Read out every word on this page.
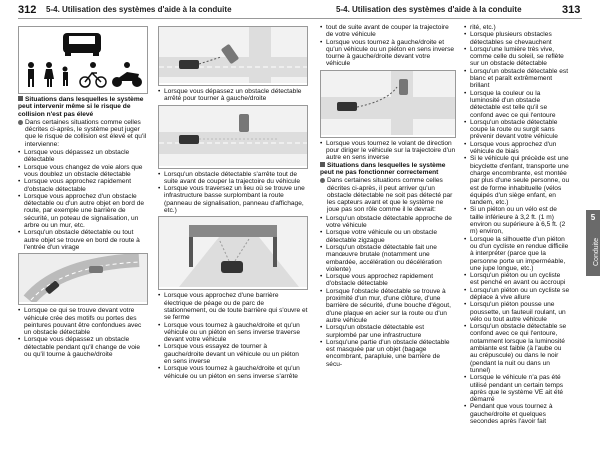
312 5-4. Utilisation des systèmes d'aide à la conduite	5-4. Utilisation des systèmes d'aide à la conduite	313

Situations dans lesquelles le système peut intervenir même si le risque de collision n'est pas élevé

Dans certaines situations comme celles décrites ci-après, le système peut juger que le risque de collision est élevé et qu'il intervienne:

• Lorsque vous dépassez un obstacle détectable
• Lorsque vous changez de voie alors que vous doublez un obstacle détectable
• Lorsque vous approchez rapidement d'obstacle détectable
• Lorsque vous approchez d'un obstacle détectable ou d'un autre objet en bord de route, par exemple une barrière de sécurité, un poteau de signalisation, un arbre ou un mur, etc.
• Lorsqu'un obstacle détectable ou tout autre objet se trouve en bord de route à l'entrée d'un virage
• Lorsque ce qui se trouve devant votre véhicule crée des motifs ou portes des peintures pouvant être confondues avec un obstacle détectable
• Lorsque vous dépassez un obstacle détectable pendant qu'il change de voie ou qu'il tourne à gauche/droite
• Lorsque vous dépassez un obstacle détectable arrêté pour tourner à gauche/droite
• Lorsqu'un obstacle détectable s'arrête tout de suite avant de couper la trajectoire du véhicule
• Lorsque vous traversez un lieu où se trouve une infrastructure basse surplombant la route (panneau de signalisation, panneau d'affichage, etc.)
• Lorsque vous approchez d'une barrière électrique de péage ou de parc de stationnement, ou de toute barrière qui s'ouvre et se ferme
• Lorsque vous tournez à gauche/droite et qu'un véhicule ou un piéton en sens inverse traverse devant votre véhicule
• Lorsque vous essayez de tourner à gauche/droite devant un véhicule ou un piéton en sens inverse
• Lorsque vous tournez à gauche/droite et qu'un véhicule ou un piéton en sens inverse s'arrête
• tout de suite avant de couper la trajectoire de votre véhicule
• Lorsque vous tournez à gauche/droite et qu'un véhicule ou un piéton en sens inverse tourne à gauche/droite devant votre véhicule
• Lorsque vous tournez le volant de direction pour diriger le véhicule sur la trajectoire d'un autre en sens inverse

Situations dans lesquelles le système peut ne pas fonctionner correctement

Dans certaines situations comme celles décrites ci-après, il peut arriver qu'un obstacle détectable ne soit pas détecté par les capteurs avant et que le système ne joue pas son rôle comme il le devrait:

• Lorsqu'un obstacle détectable approche de votre véhicule
• Lorsque votre véhicule ou un obstacle détectable zigzague
• Lorsqu'un obstacle détectable fait une manœuvre brutale (notamment une embardée, accélération ou décélération violente)
• Lorsque vous approchez rapidement d'obstacle détectable
• Lorsque l'obstacle détectable se trouve à proximité d'un mur, d'une clôture, d'une barrière de sécurité, d'une bouche d'égout, d'une plaque en acier sur la route ou d'un autre véhicule
• Lorsqu'un obstacle détectable est surplombé par une infrastructure
• Lorsqu'une partie d'un obstacle détectable est masquée par un objet (bagage encombrant, parapluie, une barrière de sécu-
• rité, etc.)
• Lorsque plusieurs obstacles détectables se chevauchent
• Lorsqu'une lumière très vive, comme celle du soleil, se reflète sur un obstacle détectable
• Lorsqu'un obstacle détectable est blanc et paraît extrêmement brillant
• Lorsque la couleur ou la luminosité d'un obstacle détectable est telle qu'il se confond avec ce qui l'entoure
• Lorsqu'un obstacle détectable coupe la route ou surgit sans prévenir devant votre véhicule
• Lorsque vous approchez d'un véhicule de biais
• Si le véhicule qui précède est une bicyclette d'enfant, transporte une charge encombrante, est montée par plus d'une seule personne, ou est de forme inhabituelle (vélos équipés d'un siège enfant, en tandem, etc.)
• Si un piéton ou un vélo est de taille inférieure à 3,2 ft. (1 m) environ ou supérieure à 6,5 ft. (2 m) environ,
• Lorsque la silhouette d'un piéton ou d'un cycliste en rendue difficile à interpréter (parce que la personne porte un imperméable, une jupe longue, etc.)
• Lorsqu'un piéton ou un cycliste est penché en avant ou accroupi
• Lorsqu'un piéton ou un cycliste se déplace à vive allure
• Lorsqu'un piéton pousse une poussette, un fauteuil roulant, un vélo ou tout autre véhicule
• Lorsqu'un obstacle détectable se confond avec ce qui l'entoure, notamment lorsque la luminosité ambiante est faible (à l'aube ou au crépuscule) ou dans le noir (pendant la nuit ou dans un tunnel)
• Lorsque le véhicule n'a pas été utilisé pendant un certain temps après que le système VE ait été démarré
• Pendant que vous tournez à gauche/droite et quelques secondes après l'avoir fait
5
Conduite
